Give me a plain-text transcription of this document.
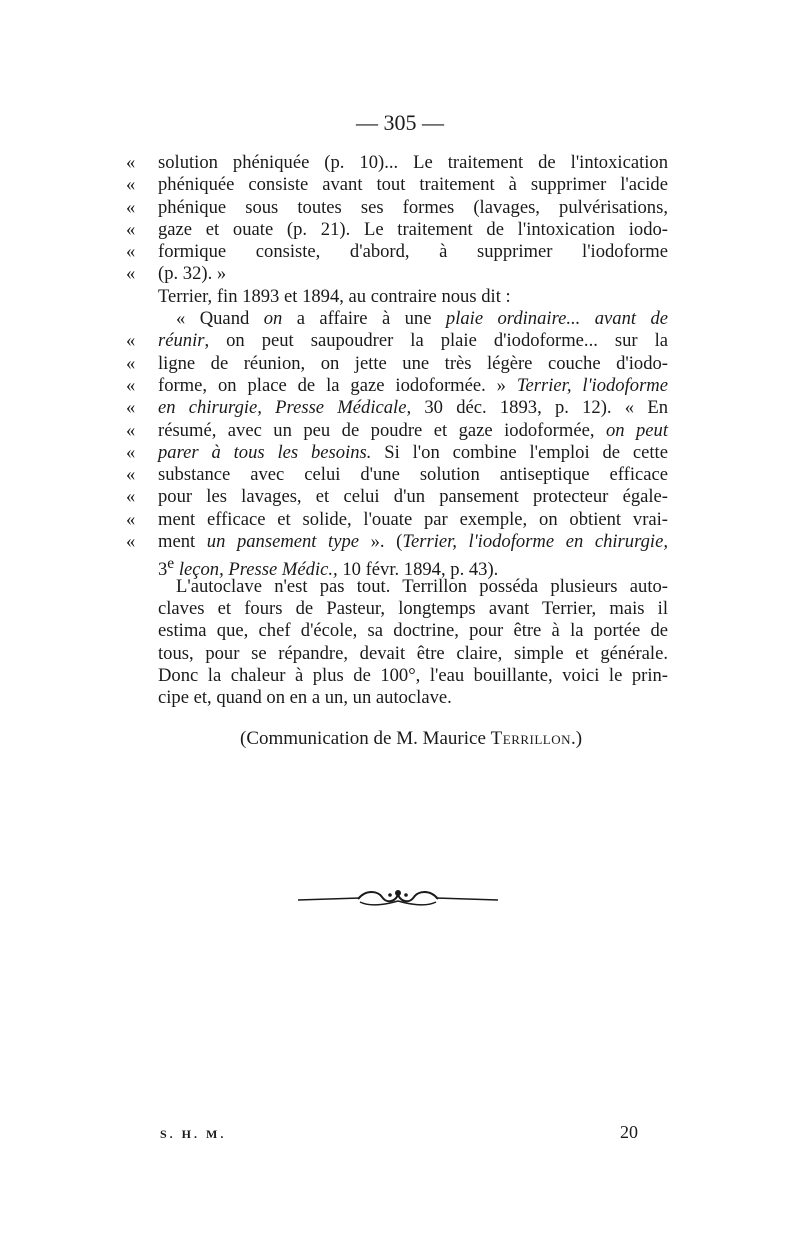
— 305 —
« solution phéniquée (p. 10)... Le traitement de l'intoxication
« phéniquée consiste avant tout traitement à supprimer l'acide
« phénique sous toutes ses formes (lavages, pulvérisations,
« gaze et ouate (p. 21). Le traitement de l'intoxication iodo-
« formique consiste, d'abord, à supprimer l'iodoforme
« (p. 32). »
Terrier, fin 1893 et 1894, au contraire nous dit :
« Quand on a affaire à une plaie ordinaire... avant de
« réunir, on peut saupoudrer la plaie d'iodoforme... sur la
« ligne de réunion, on jette une très légère couche d'iodo-
« forme, on place de la gaze iodoformée. » Terrier, l'iodoforme
« en chirurgie, Presse Médicale, 30 déc. 1893, p. 12). « En
« résumé, avec un peu de poudre et gaze iodoformée, on peut
« parer à tous les besoins. Si l'on combine l'emploi de cette
« substance avec celui d'une solution antiseptique efficace
« pour les lavages, et celui d'un pansement protecteur égale-
« ment efficace et solide, l'ouate par exemple, on obtient vrai-
« ment un pansement type ». (Terrier, l'iodoforme en chirurgie,
3e leçon, Presse Médic., 10 févr. 1894, p. 43).
L'autoclave n'est pas tout. Terrillon posséda plusieurs auto-
claves et fours de Pasteur, longtemps avant Terrier, mais il
estima que, chef d'école, sa doctrine, pour être à la portée de
tous, pour se répandre, devait être claire, simple et générale.
Donc la chaleur à plus de 100°, l'eau bouillante, voici le prin-
cipe et, quand on en a un, un autoclave.
(Communication de M. Maurice Terrillon.)
S. H. M.	20
